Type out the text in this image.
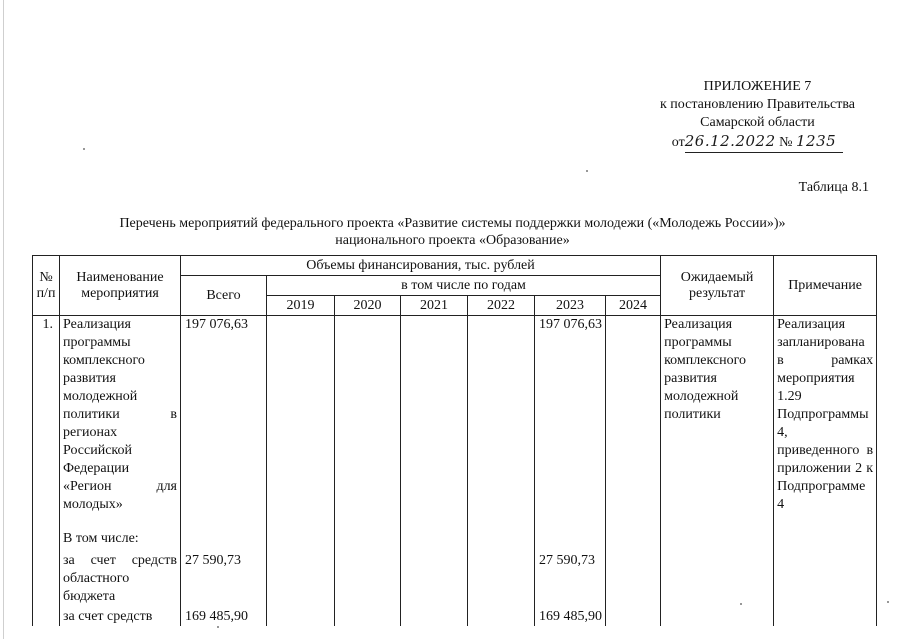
ПРИЛОЖЕНИЕ 7
к постановлению Правительства
Самарской области
от26.12.2022 № 1235
Таблица 8.1
Перечень мероприятий федерального проекта «Развитие системы поддержки молодежи («Молодежь России»)»
национального проекта «Образование»
№ п/п	Наименование мероприятия	Объемы финансирования, тыс. рублей							Ожидаемый результат	Примечание
		Всего	в том числе по годам							
			2019	2020	2021	2022	2023	2024		
1.	Реализация программы комплексного развития молодежной политики в регионах Российской Федерации «Регион для молодых»	197 076,63					197 076,63		Реализация программы комплексного развития молодежной политики	Реализация запланирована в рамках мероприятия 1.29 Подпрограммы 4, приведенного в приложении 2 к Подпрограмме 4

	В том числе:									

	за счет средств областного бюджета	27 590,73					27 590,73			

	за счет средств	169 485,90					169 485,90			
